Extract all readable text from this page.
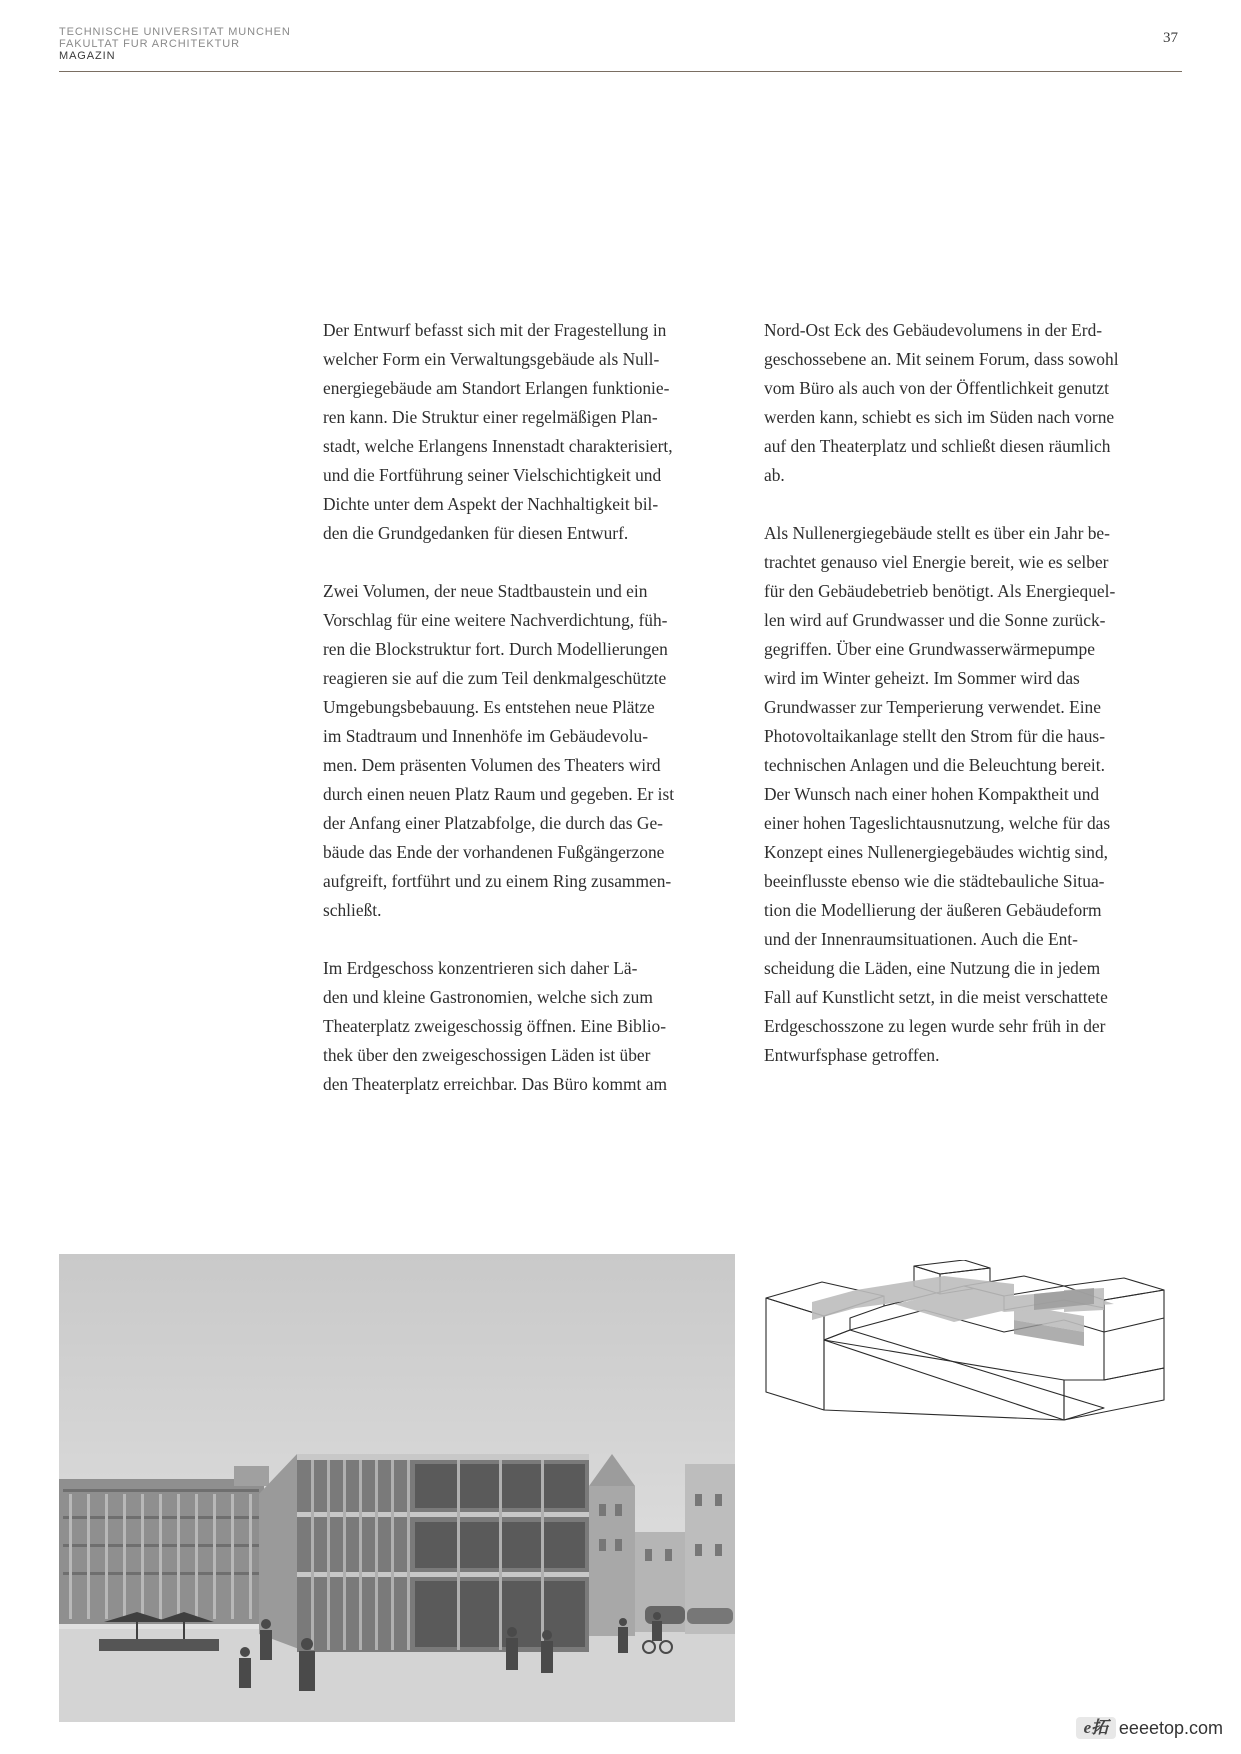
TECHNISCHE UNIVERSITAT MUNCHEN
FAKULTAT FUR ARCHITEKTUR
MAGAZIN
37
Der Entwurf befasst sich mit der Fragestellung in
welcher Form ein Verwaltungsgebäude als Null-
energiegebäude am Standort Erlangen funktionie-
ren kann. Die Struktur einer regelmäßigen Plan-
stadt, welche Erlangens Innenstadt charakterisiert,
und die Fortführung seiner Vielschichtigkeit und
Dichte unter dem Aspekt der Nachhaltigkeit bil-
den die Grundgedanken für diesen Entwurf.
Zwei Volumen, der neue Stadtbaustein und ein
Vorschlag für eine weitere Nachverdichtung, füh-
ren die Blockstruktur fort. Durch Modellierungen
reagieren sie auf die zum Teil denkmalgeschützte
Umgebungsbebauung. Es entstehen neue Plätze
im Stadtraum und Innenhöfe im Gebäudevolu-
men. Dem präsenten Volumen des Theaters wird
durch einen neuen Platz Raum und gegeben. Er ist
der Anfang einer Platzabfolge, die durch das Ge-
bäude das Ende der vorhandenen Fußgängerzone
aufgreift, fortführt und zu einem Ring zusammen-
schließt.
Im Erdgeschoss konzentrieren sich daher Lä-
den und kleine Gastronomien, welche sich zum
Theaterplatz zweigeschossig öffnen. Eine Biblio-
thek über den zweigeschossigen Läden ist über
den Theaterplatz erreichbar. Das Büro kommt am
Nord-Ost Eck des Gebäudevolumens in der Erd-
geschossebene an. Mit seinem Forum, dass sowohl
vom Büro als auch von der Öffentlichkeit genutzt
werden kann, schiebt es sich im Süden nach vorne
auf den Theaterplatz und schließt diesen räumlich
ab.
Als Nullenergiegebäude stellt es über ein Jahr be-
trachtet genauso viel Energie bereit, wie es selber
für den Gebäudebetrieb benötigt. Als Energiequel-
len wird auf Grundwasser und die Sonne zurück-
gegriffen. Über eine Grundwasserwärmepumpe
wird im Winter geheizt. Im Sommer wird das
Grundwasser zur Temperierung verwendet. Eine
Photovoltaikanlage stellt den Strom für die haus-
technischen Anlagen und die Beleuchtung bereit.
Der Wunsch nach einer hohen Kompaktheit und
einer hohen Tageslichtausnutzung, welche für das
Konzept eines Nullenergiegebäudes wichtig sind,
beeinflusste ebenso wie die städtebauliche Situa-
tion die Modellierung der äußeren Gebäudeform
und der Innenraumsituationen. Auch die Ent-
scheidung die Läden, eine Nutzung die in jedem
Fall auf Kunstlicht setzt, in die meist verschattete
Erdgeschosszone zu legen wurde sehr früh in der
Entwurfsphase getroffen.
e拓 eeeetop.com
